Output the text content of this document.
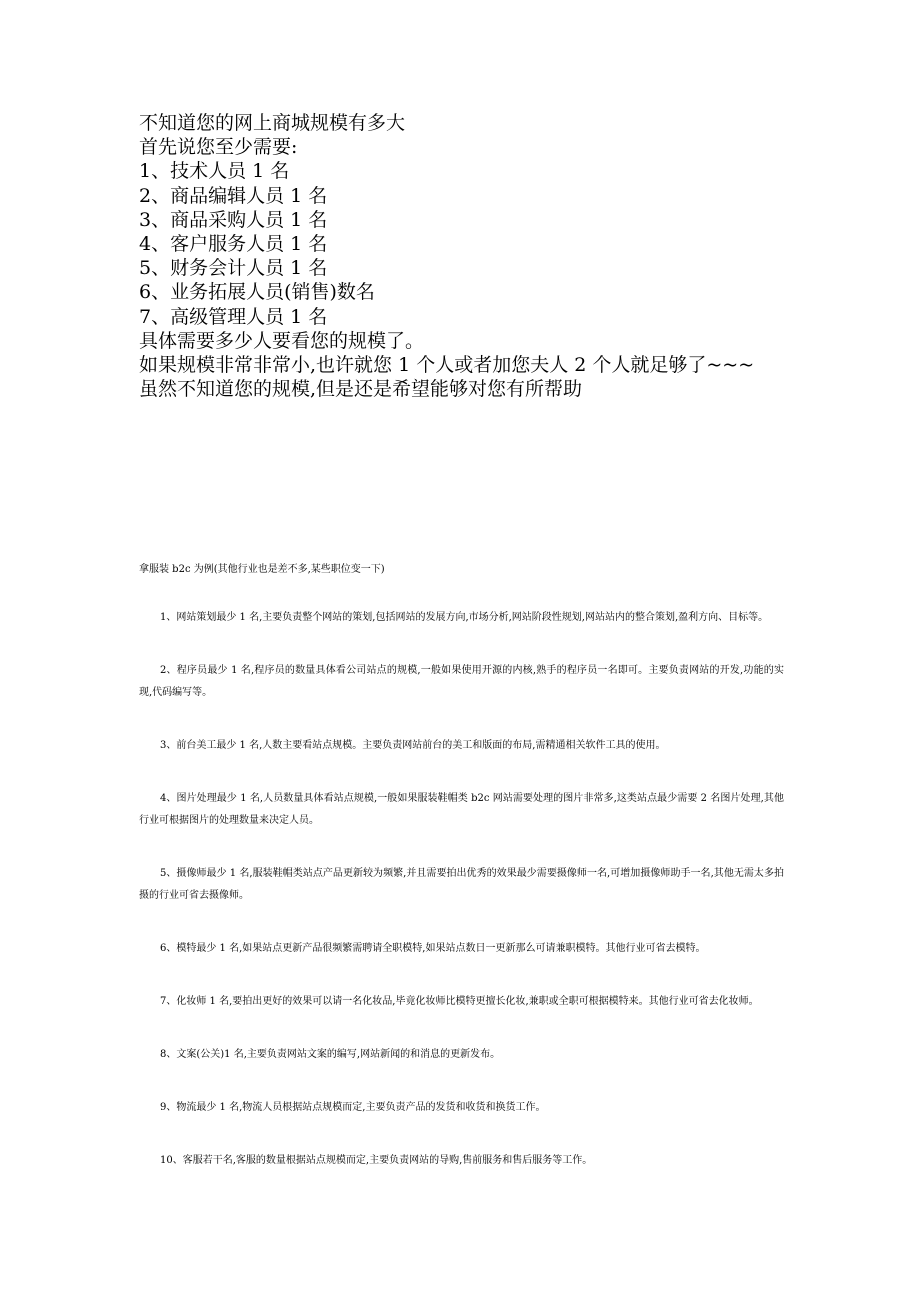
不知道您的网上商城规模有多大

首先说您至少需要:

1、技术人员 1 名

2、商品编辑人员 1 名

3、商品采购人员 1 名

4、客户服务人员 1 名

5、财务会计人员 1 名

6、业务拓展人员(销售)数名

7、高级管理人员 1 名

具体需要多少人要看您的规模了。

如果规模非常非常小,也许就您 1 个人或者加您夫人 2 个人就足够了~~~

虽然不知道您的规模,但是还是希望能够对您有所帮助

拿服装 b2c 为例(其他行业也是差不多,某些职位变一下)

1、网站策划最少 1 名,主要负责整个网站的策划,包括网站的发展方向,市场分析,网站阶段性规划,网站站内的整合策划,盈利方向、目标等。

2、程序员最少 1 名,程序员的数量具体看公司站点的规模,一般如果使用开源的内核,熟手的程序员一名即可。主要负责网站的开发,功能的实现,代码编写等。

3、前台美工最少 1 名,人数主要看站点规模。主要负责网站前台的美工和版面的布局,需精通相关软件工具的使用。

4、图片处理最少 1 名,人员数量具体看站点规模,一般如果服装鞋帽类 b2c 网站需要处理的图片非常多,这类站点最少需要 2 名图片处理,其他行业可根据图片的处理数量来决定人员。

5、摄像师最少 1 名,服装鞋帽类站点产品更新较为频繁,并且需要拍出优秀的效果最少需要摄像师一名,可增加摄像师助手一名,其他无需太多拍摄的行业可省去摄像师。

6、模特最少 1 名,如果站点更新产品很频繁需聘请全职模特,如果站点数日一更新那么可请兼职模特。其他行业可省去模特。

7、化妆师 1 名,要拍出更好的效果可以请一名化妆品,毕竟化妆师比模特更擅长化妆,兼职或全职可根据模特来。其他行业可省去化妆师。

8、文案(公关)1 名,主要负责网站文案的编写,网站新闻的和消息的更新发布。

9、物流最少 1 名,物流人员根据站点规模而定,主要负责产品的发货和收货和换货工作。

10、客服若干名,客服的数量根据站点规模而定,主要负责网站的导购,售前服务和售后服务等工作。
